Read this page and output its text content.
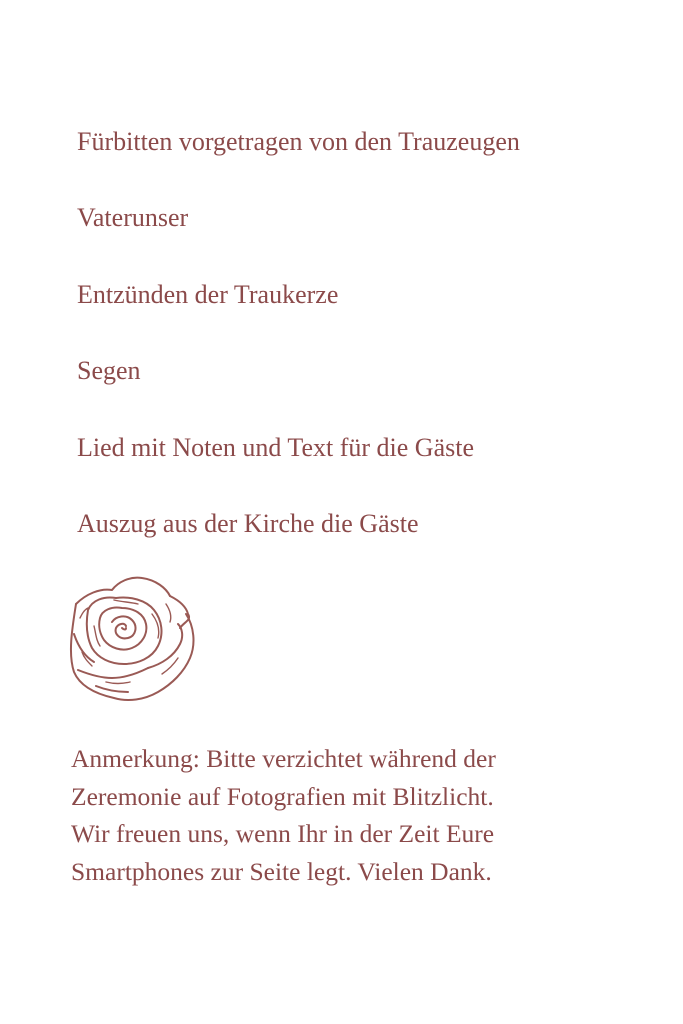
Fürbitten vorgetragen von den Trauzeugen
Vaterunser
Entzünden der Traukerze
Segen
Lied mit Noten und Text für die Gäste
Auszug aus der Kirche die Gäste
Anmerkung: Bitte verzichtet während der
Zeremonie auf Fotografien mit Blitzlicht.
Wir freuen uns, wenn Ihr in der Zeit Eure
Smartphones zur Seite legt. Vielen Dank.
